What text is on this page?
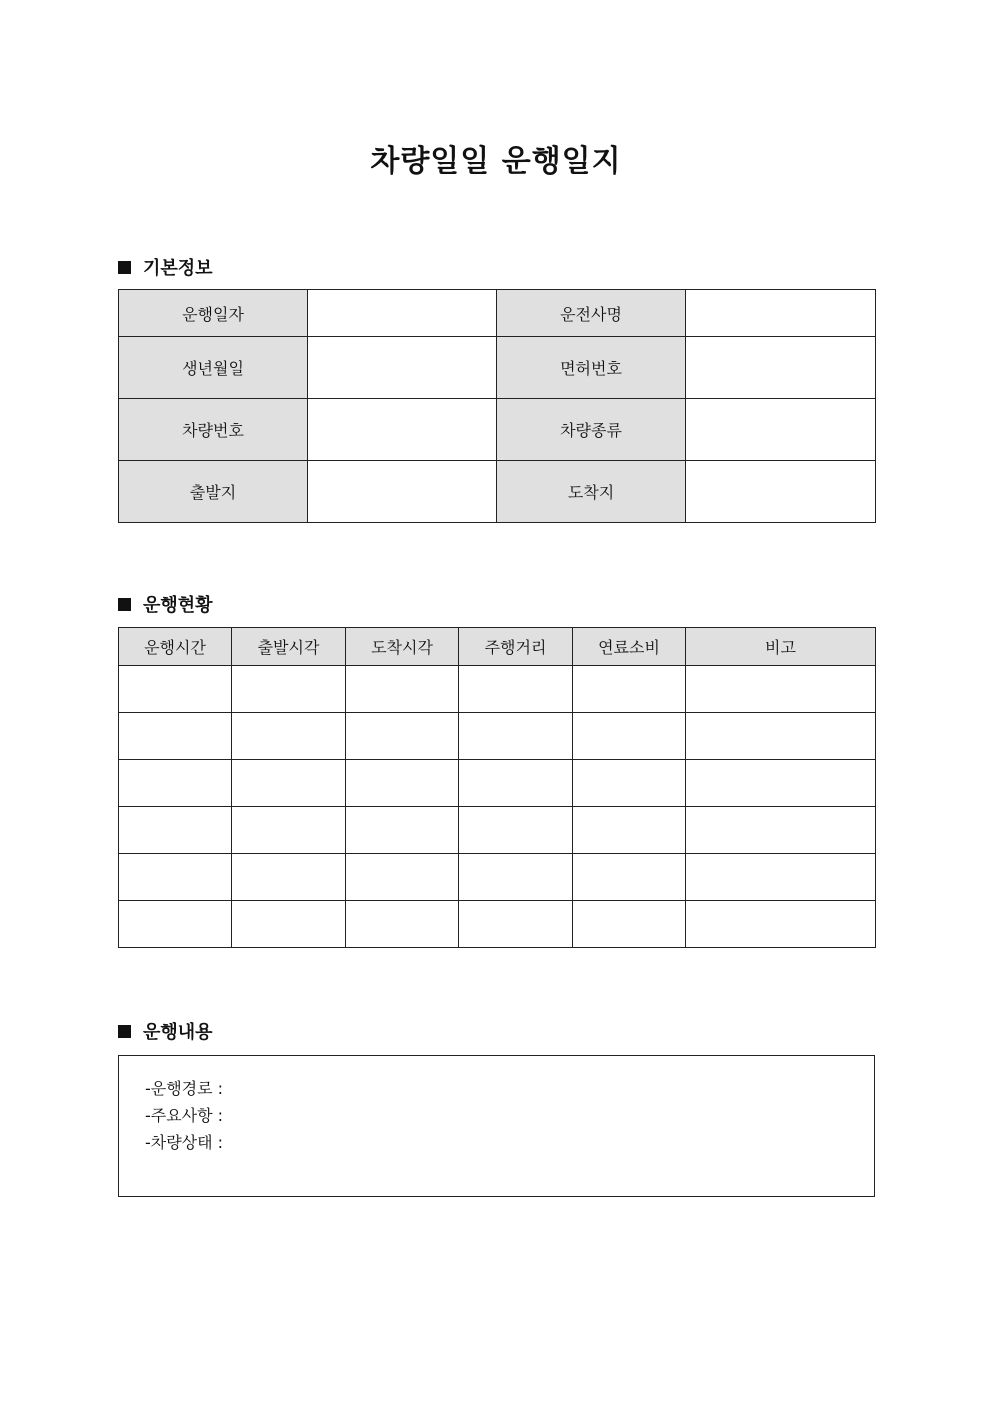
차량일일 운행일지
기본정보
운행일자		운전사명	
생년월일		면허번호	
차량번호		차량종류	
출발지		도착지	
운행현황
운행시간	출발시각	도착시각	주행거리	연료소비	비고

운행내용
-운행경로 :
-주요사항 :
-차량상태 :
